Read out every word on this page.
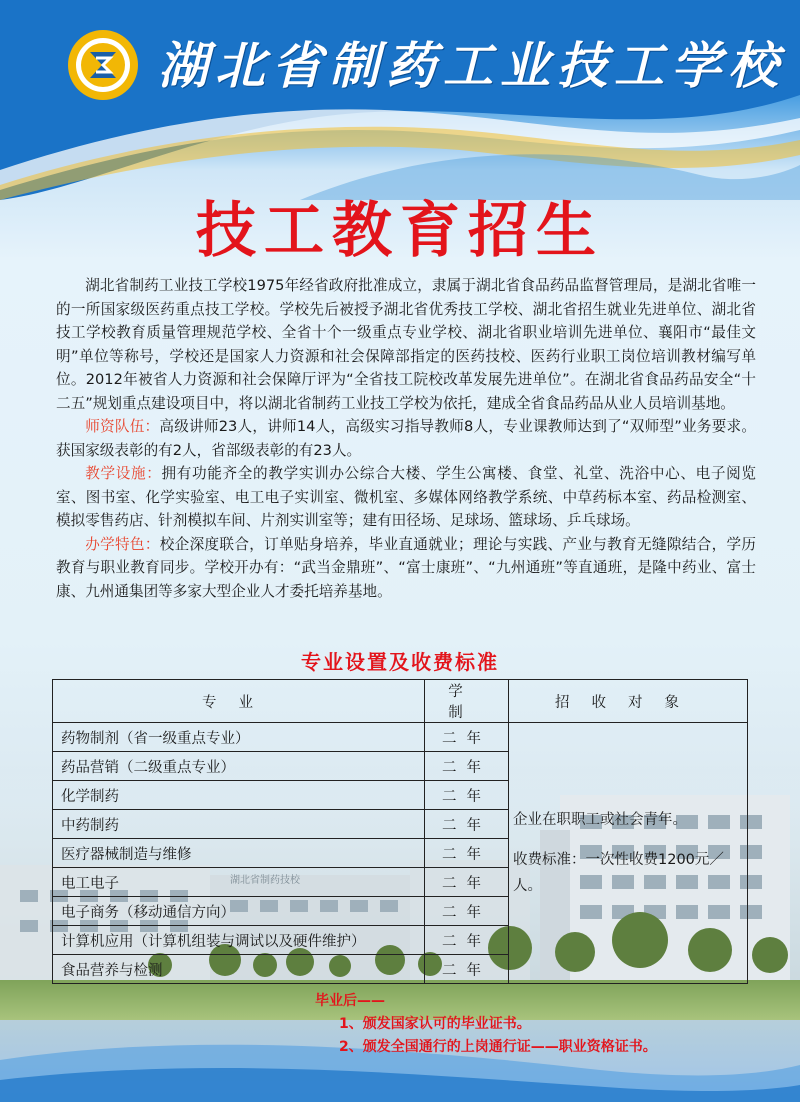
湖北省制药工业技工学校
技工教育招生

湖北省制药工业技工学校1975年经省政府批准成立，隶属于湖北省食品药品监督管理局，是湖北省唯一的一所国家级医药重点技工学校。学校先后被授予湖北省优秀技工学校、湖北省招生就业先进单位、湖北省技工学校教育质量管理规范学校、全省十个一级重点专业学校、湖北省职业培训先进单位、襄阳市“最佳文明”单位等称号，学校还是国家人力资源和社会保障部指定的医药技校、医药行业职工岗位培训教材编写单位。2012年被省人力资源和社会保障厅评为“全省技工院校改革发展先进单位”。在湖北省食品药品安全“十二五”规划重点建设项目中，将以湖北省制药工业技工学校为依托，建成全省食品药品从业人员培训基地。

师资队伍：高级讲师23人，讲师14人，高级实习指导教师8人，专业课教师达到了“双师型”业务要求。获国家级表彰的有2人，省部级表彰的有23人。

教学设施：拥有功能齐全的教学实训办公综合大楼、学生公寓楼、食堂、礼堂、洗浴中心、电子阅览室、图书室、化学实验室、电工电子实训室、微机室、多媒体网络教学系统、中草药标本室、药品检测室、模拟零售药店、针剂模拟车间、片剂实训室等；建有田径场、足球场、篮球场、乒乓球场。

办学特色：校企深度联合，订单贴身培养，毕业直通就业；理论与实践、产业与教育无缝隙结合，学历教育与职业教育同步。学校开办有：“武当金鼎班”、“富士康班”、“九州通班”等直通班，是隆中药业、富士康、九州通集团等多家大型企业人才委托培养基地。

湖北省制药技校
专业设置及收费标准
专业	学制	招收对象
药物制剂（省一级重点专业）	二年	企业在职职工或社会青年。
收费标准：一次性收费1200元／人。

药品营销（二级重点专业）	二年	
化学制药	二年	
中药制药	二年	
医疗器械制造与维修	二年	
电工电子	二年	
电子商务（移动通信方向）	二年	
计算机应用（计算机组装与调试以及硬件维护）	二年	
食品营养与检测	二年	

毕业后——

1、颁发国家认可的毕业证书。

2、颁发全国通行的上岗通行证——职业资格证书。
